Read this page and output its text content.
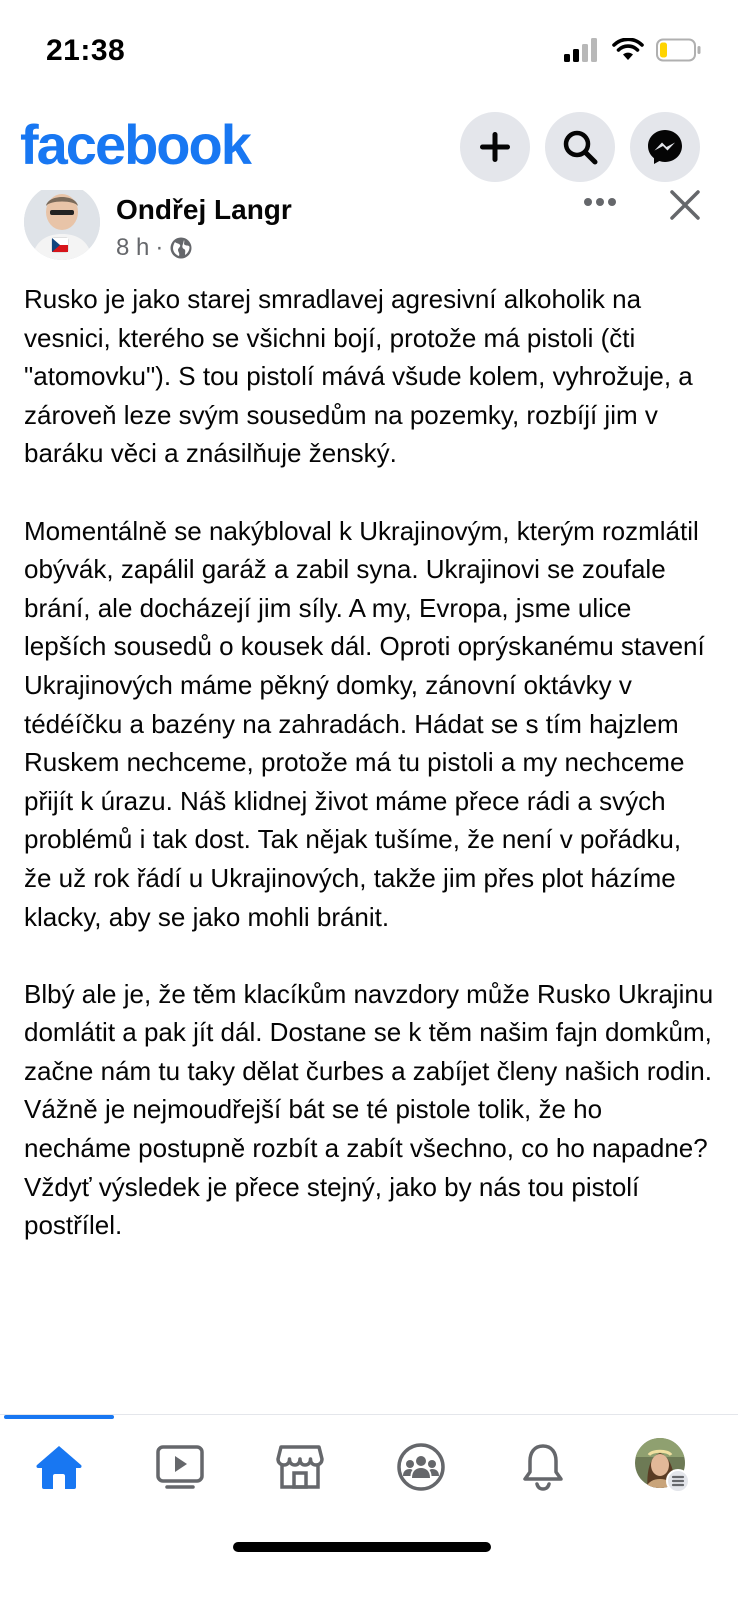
21:38
facebook
Ondřej Langr
8 h ·

Rusko je jako starej smradlavej agresivní alkoholik na vesnici, kterého se všichni bojí, protože má pistoli (čti "atomovku"). S tou pistolí mává všude kolem, vyhrožuje, a zároveň leze svým sousedům na pozemky, rozbíjí jim v baráku věci a znásilňuje ženský.

Momentálně se nakýbloval k Ukrajinovým, kterým rozmlátil obývák, zapálil garáž a zabil syna. Ukrajinovi se zoufale brání, ale docházejí jim síly. A my, Evropa, jsme ulice lepších sousedů o kousek dál. Oproti oprýskanému stavení Ukrajinových máme pěkný domky, zánovní oktávky v tédéíčku a bazény na zahradách. Hádat se s tím hajzlem Ruskem nechceme, protože má tu pistoli a my nechceme přijít k úrazu. Náš klidnej život máme přece rádi a svých problémů i tak dost. Tak nějak tušíme, že není v pořádku, že už rok řádí u Ukrajinových, takže jim přes plot házíme klacky, aby se jako mohli bránit.

Blbý ale je, že těm klacíkům navzdory může Rusko Ukrajinu domlátit a pak jít dál. Dostane se k těm našim fajn domkům, začne nám tu taky dělat čurbes a zabíjet členy našich rodin. Vážně je nejmoudřejší bát se té pistole tolik, že ho necháme postupně rozbít a zabít všechno, co ho napadne? Vždyť výsledek je přece stejný, jako by nás tou pistolí postřílel.
